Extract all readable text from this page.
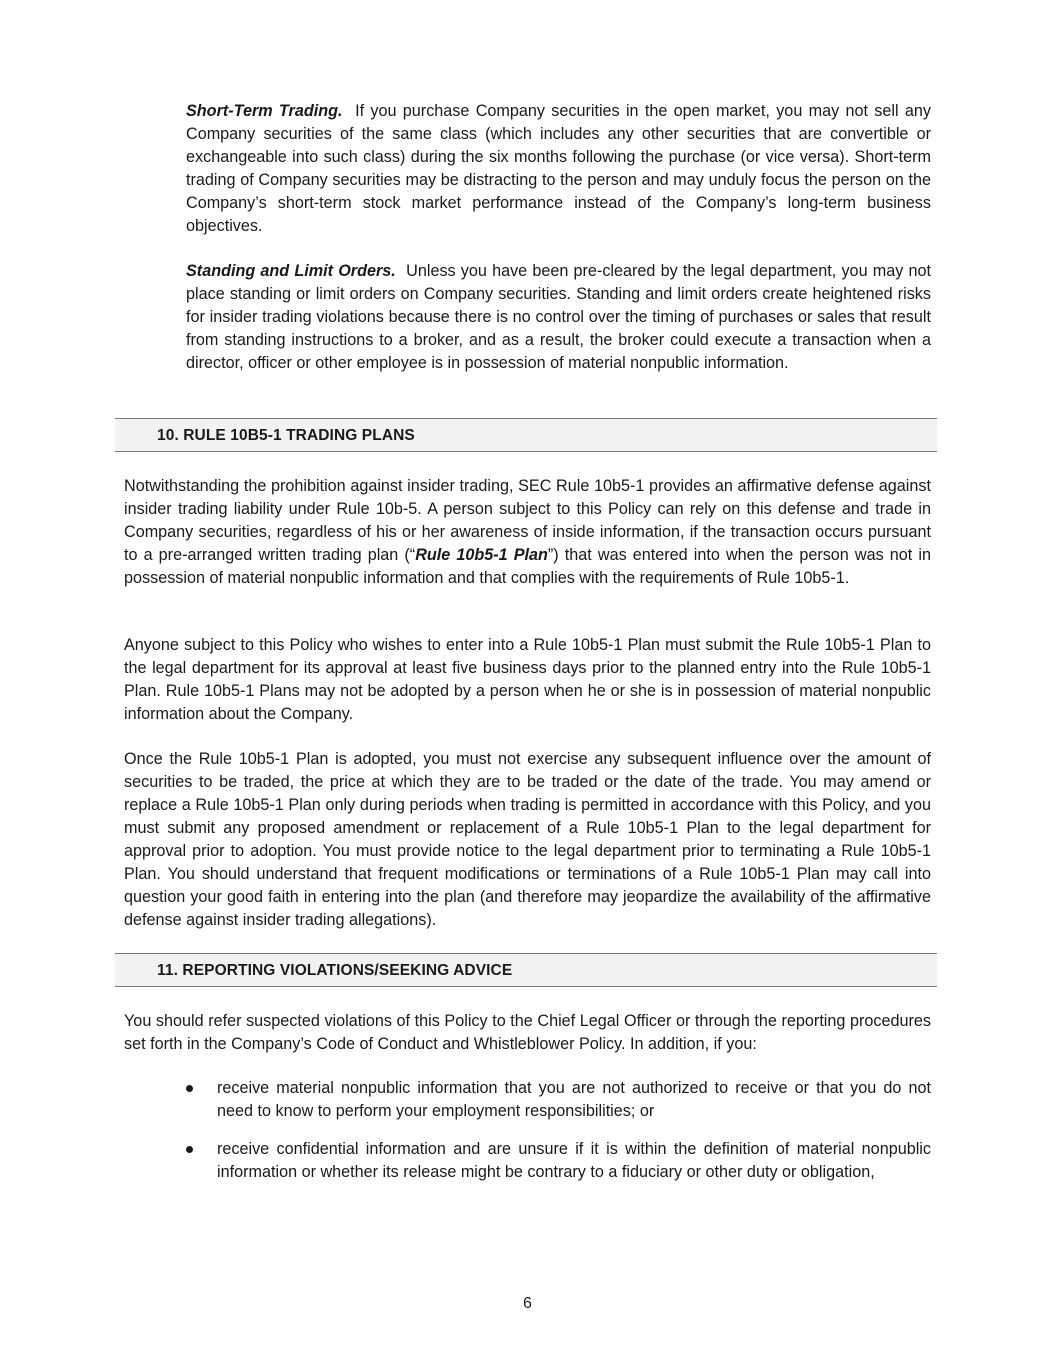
Short-Term Trading. If you purchase Company securities in the open market, you may not sell any Company securities of the same class (which includes any other securities that are convertible or exchangeable into such class) during the six months following the purchase (or vice versa). Short-term trading of Company securities may be distracting to the person and may unduly focus the person on the Company’s short-term stock market performance instead of the Company’s long-term business objectives.

Standing and Limit Orders. Unless you have been pre-cleared by the legal department, you may not place standing or limit orders on Company securities. Standing and limit orders create heightened risks for insider trading violations because there is no control over the timing of purchases or sales that result from standing instructions to a broker, and as a result, the broker could execute a transaction when a director, officer or other employee is in possession of material nonpublic information.

10. RULE 10B5-1 TRADING PLANS

Notwithstanding the prohibition against insider trading, SEC Rule 10b5-1 provides an affirmative defense against insider trading liability under Rule 10b-5. A person subject to this Policy can rely on this defense and trade in Company securities, regardless of his or her awareness of inside information, if the transaction occurs pursuant to a pre-arranged written trading plan (“Rule 10b5-1 Plan”) that was entered into when the person was not in possession of material nonpublic information and that complies with the requirements of Rule 10b5-1.

Anyone subject to this Policy who wishes to enter into a Rule 10b5-1 Plan must submit the Rule 10b5-1 Plan to the legal department for its approval at least five business days prior to the planned entry into the Rule 10b5-1 Plan. Rule 10b5-1 Plans may not be adopted by a person when he or she is in possession of material nonpublic information about the Company.

Once the Rule 10b5-1 Plan is adopted, you must not exercise any subsequent influence over the amount of securities to be traded, the price at which they are to be traded or the date of the trade. You may amend or replace a Rule 10b5-1 Plan only during periods when trading is permitted in accordance with this Policy, and you must submit any proposed amendment or replacement of a Rule 10b5-1 Plan to the legal department for approval prior to adoption. You must provide notice to the legal department prior to terminating a Rule 10b5-1 Plan. You should understand that frequent modifications or terminations of a Rule 10b5-1 Plan may call into question your good faith in entering into the plan (and therefore may jeopardize the availability of the affirmative defense against insider trading allegations).

11. REPORTING VIOLATIONS/SEEKING ADVICE

You should refer suspected violations of this Policy to the Chief Legal Officer or through the reporting procedures set forth in the Company’s Code of Conduct and Whistleblower Policy. In addition, if you:

receive material nonpublic information that you are not authorized to receive or that you do not need to know to perform your employment responsibilities; or

receive confidential information and are unsure if it is within the definition of material nonpublic information or whether its release might be contrary to a fiduciary or other duty or obligation,

6
